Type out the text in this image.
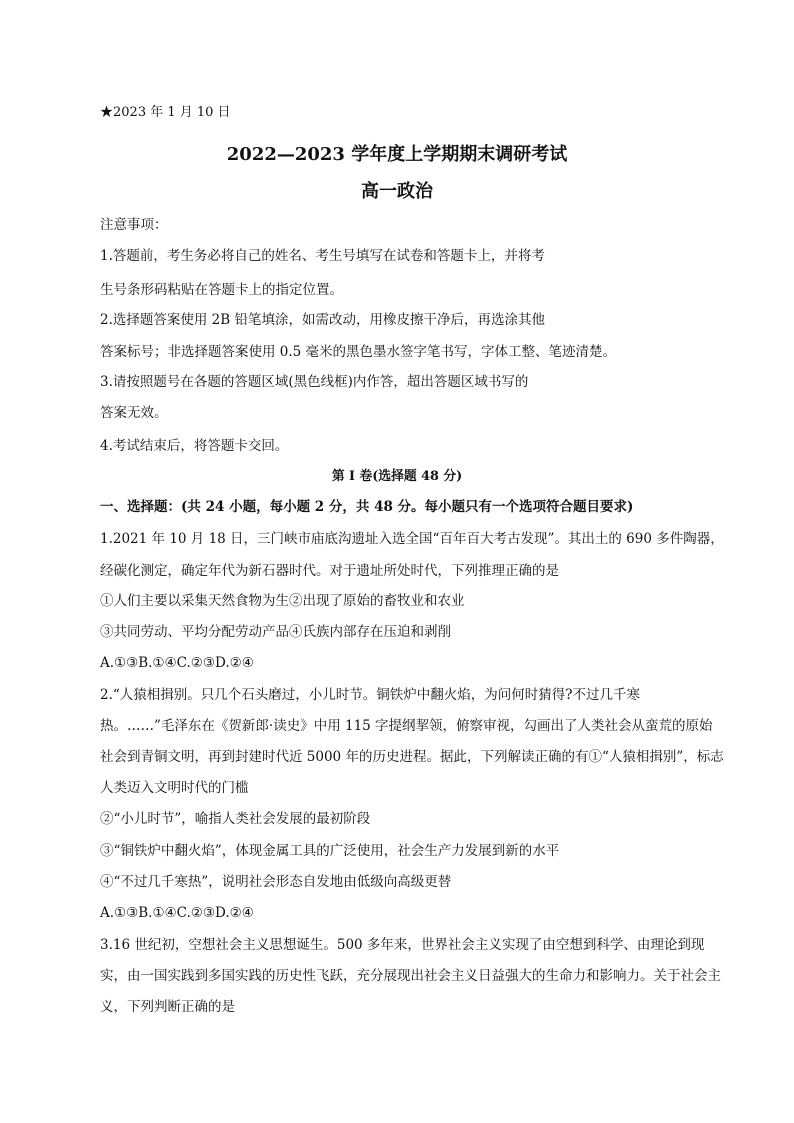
★2023 年 1 月 10 日
2022—2023 学年度上学期期末调研考试
高一政治
注意事项：
1.答题前，考生务必将自己的姓名、考生号填写在试卷和答题卡上，并将考
生号条形码粘贴在答题卡上的指定位置。
2.选择题答案使用 2B 铅笔填涂，如需改动，用橡皮擦干净后，再选涂其他
答案标号；非选择题答案使用 0.5 毫米的黑色墨水签字笔书写，字体工整、笔迹清楚。
3.请按照题号在各题的答题区域(黑色线框)内作答，超出答题区域书写的
答案无效。
4.考试结束后，将答题卡交回。
第 I 卷(选择题 48 分)
一、选择题：(共 24 小题，每小题 2 分，共 48 分。每小题只有一个选项符合题目要求)
1.2021 年 10 月 18 日，三门峡市庙底沟遗址入选全国“百年百大考古发现”。其出土的 690 多件陶器，
经碳化测定，确定年代为新石器时代。对于遗址所处时代，下列推理正确的是
①人们主要以采集天然食物为生②出现了原始的畜牧业和农业
③共同劳动、平均分配劳动产品④氏族内部存在压迫和剥削
A.①③B.①④C.②③D.②④
2.“人猿相揖别。只几个石头磨过，小儿时节。铜铁炉中翻火焰，为问何时猜得?不过几千寒
热。……”毛泽东在《贺新郎·读史》中用 115 字提纲挈领，俯察审视，勾画出了人类社会从蛮荒的原始
社会到青铜文明，再到封建时代近 5000 年的历史进程。据此，下列解读正确的有①“人猿相揖别”，标志
人类迈入文明时代的门槛
②“小儿时节”，喻指人类社会发展的最初阶段
③“铜铁炉中翻火焰”，体现金属工具的广泛使用，社会生产力发展到新的水平
④“不过几千寒热”，说明社会形态自发地由低级向高级更替
A.①③B.①④C.②③D.②④
3.16 世纪初，空想社会主义思想诞生。500 多年来，世界社会主义实现了由空想到科学、由理论到现
实，由一国实践到多国实践的历史性飞跃，充分展现出社会主义日益强大的生命力和影响力。关于社会主
义，下列判断正确的是
